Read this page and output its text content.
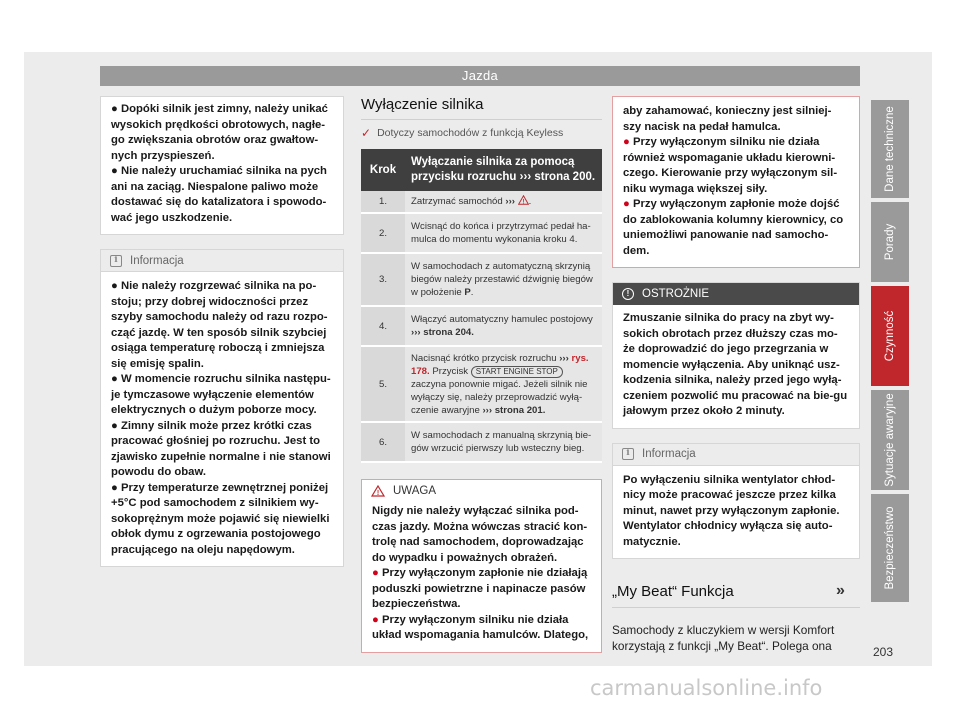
Jazda

● Dopóki silnik jest zimny, należy unikać wysokich prędkości obrotowych, nagłe-go zwiększania obrotów oraz gwałtow-nych przyspieszeń.

● Nie należy uruchamiać silnika na pych ani na zaciąg. Niespalone paliwo może dostawać się do katalizatora i spowodo-wać jego uszkodzenie.

i	Informacja

● Nie należy rozgrzewać silnika na po-stoju; przy dobrej widoczności przez szyby samochodu należy od razu rozpo-cząć jazdę. W ten sposób silnik szybciej osiąga temperaturę roboczą i zmniejsza się emisję spalin.

● W momencie rozruchu silnika następu-je tymczasowe wyłączenie elementów elektrycznych o dużym poborze mocy.

● Zimny silnik może przez krótki czas pracować głośniej po rozruchu. Jest to zjawisko zupełnie normalne i nie stanowi powodu do obaw.

● Przy temperaturze zewnętrznej poniżej +5°C pod samochodem z silnikiem wy-sokoprężnym może pojawić się niewielki obłok dymu z ogrzewania postojowego pracującego na oleju napędowym.

Wyłączenie silnika
✓ Dotyczy samochodów z funkcją Keyless
Krok	Wyłączanie silnika za pomocą przycisku rozruchu ››› strona 200.
1.	Zatrzymać samochód ››› ! .
2.	Wcisnąć do końca i przytrzymać pedał ha-mulca do momentu wykonania kroku 4.
3.	W samochodach z automatyczną skrzynią biegów należy przestawić dźwignię biegów w położenie P.
4.	Włączyć automatyczny hamulec postojowy ››› strona 204.
5.	Nacisnąć krótko przycisk rozruchu ››› rys. 178. Przycisk START ENGINE STOP zaczyna ponownie migać. Jeżeli silnik nie wyłączy się, należy przeprowadzić wyłą-czenie awaryjne ››› strona 201.
6.	W samochodach z manualną skrzynią bie-gów wrzucić pierwszy lub wsteczny bieg.
! UWAGA

Nigdy nie należy wyłączać silnika pod-czas jazdy. Można wówczas stracić kon-trolę nad samochodem, doprowadzając do wypadku i poważnych obrażeń.

● Przy wyłączonym zapłonie nie działają poduszki powietrzne i napinacze pasów bezpieczeństwa.

● Przy wyłączonym silniku nie działa układ wspomagania hamulców. Dlatego,

aby zahamować, konieczny jest silniej-szy nacisk na pedał hamulca.

● Przy wyłączonym silniku nie działa również wspomaganie układu kierowni-czego. Kierowanie przy wyłączonym sil-niku wymaga większej siły.

● Przy wyłączonym zapłonie może dojść do zablokowania kolumny kierownicy, co uniemożliwi panowanie nad samocho-dem.

!	OSTROŻNIE

Zmuszanie silnika do pracy na zbyt wy-sokich obrotach przez dłuższy czas mo-że doprowadzić do jego przegrzania w momencie wyłączenia. Aby uniknąć usz-kodzenia silnika, należy przed jego wyłą-czeniem pozwolić mu pracować na bie-gu jałowym przez około 2 minuty.

i	Informacja

Po wyłączeniu silnika wentylator chłod-nicy może pracować jeszcze przez kilka minut, nawet przy wyłączonym zapłonie. Wentylator chłodnicy wyłącza się auto-matycznie.

„My Beat“ Funkcja
Samochody z kluczykiem w wersji Komfort korzystają z funkcji „My Beat“. Polega ona
»
Dane techniczne
Porady
Czynność
Sytuacje awaryjne
Bezpieczeństwo
203
carmanualsonline.info
